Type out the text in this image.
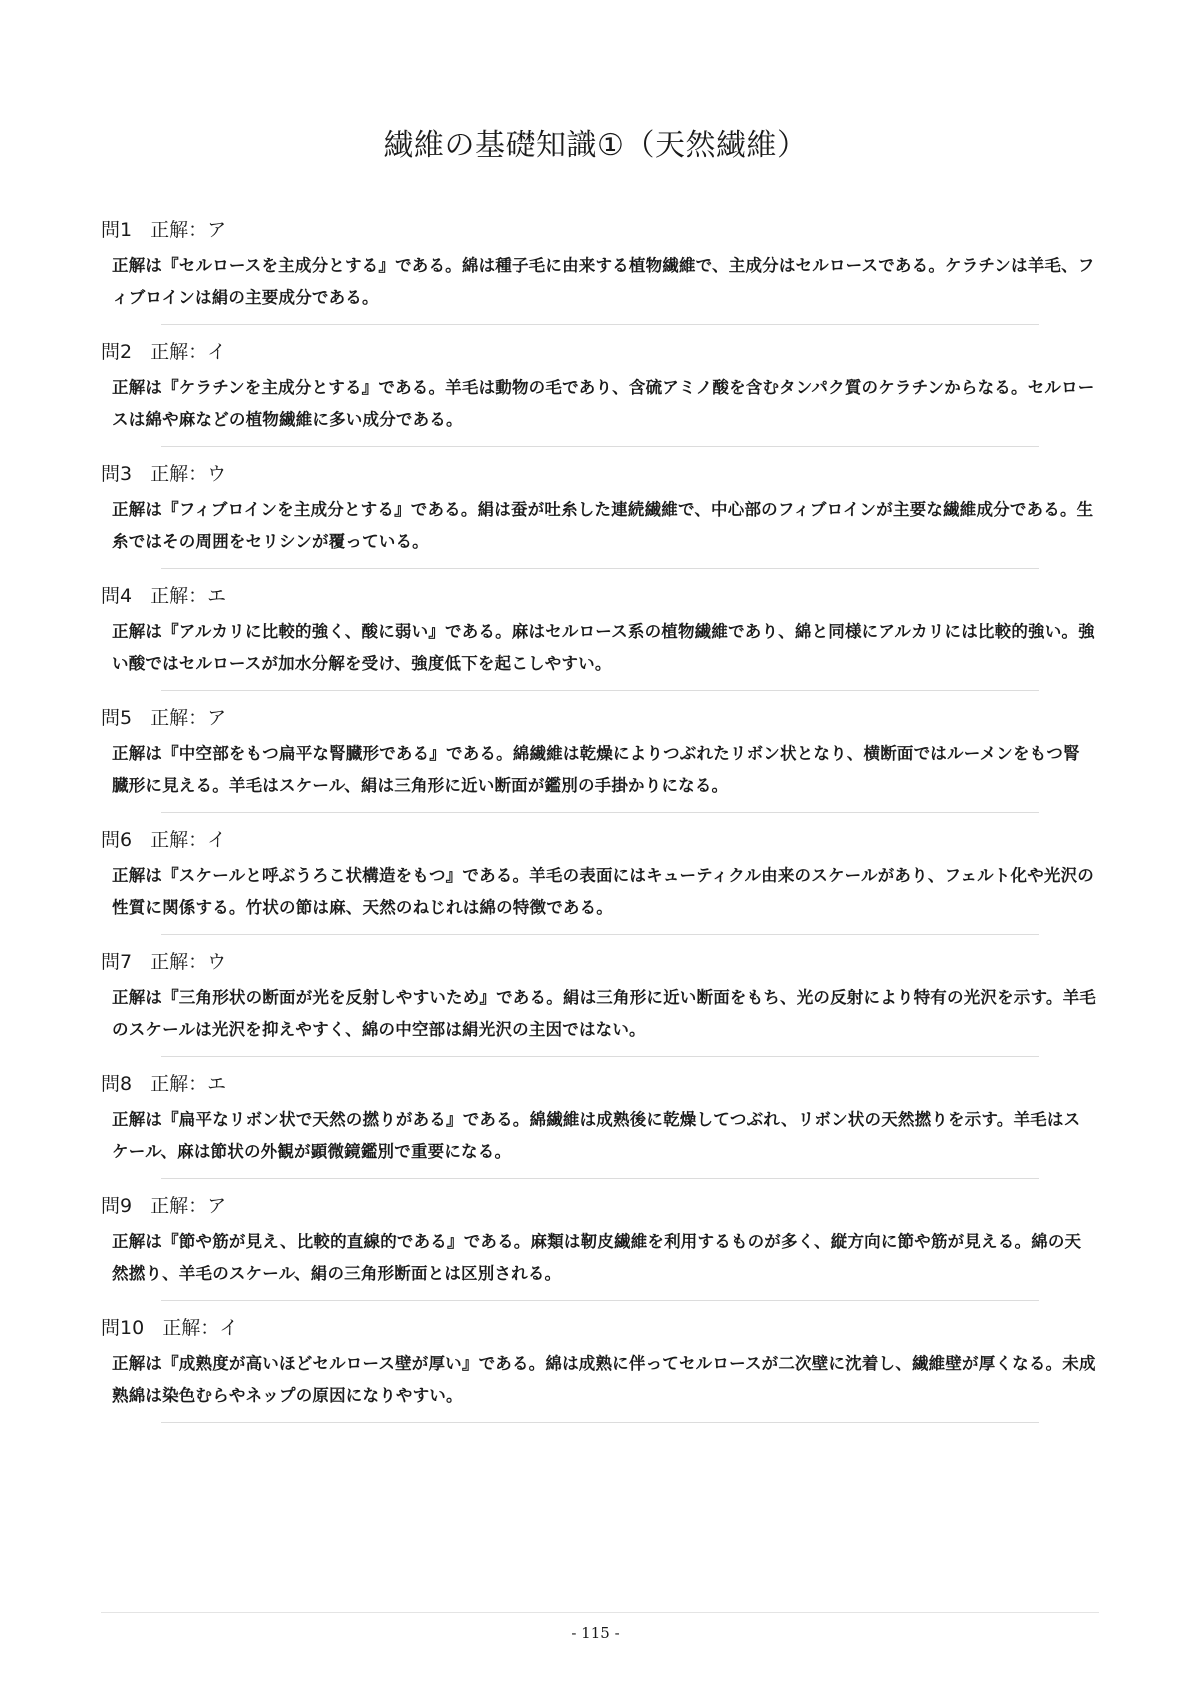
繊維の基礎知識①（天然繊維）

問1 正解：ア

正解は『セルロースを主成分とする』である。綿は種子毛に由来する植物繊維で、主成分はセルロースである。ケラチンは羊毛、フィブロインは絹の主要成分である。

問2 正解：イ

正解は『ケラチンを主成分とする』である。羊毛は動物の毛であり、含硫アミノ酸を含むタンパク質のケラチンからなる。セルロースは綿や麻などの植物繊維に多い成分である。

問3 正解：ウ

正解は『フィブロインを主成分とする』である。絹は蚕が吐糸した連続繊維で、中心部のフィブロインが主要な繊維成分である。生糸ではその周囲をセリシンが覆っている。

問4 正解：エ

正解は『アルカリに比較的強く、酸に弱い』である。麻はセルロース系の植物繊維であり、綿と同様にアルカリには比較的強い。強い酸ではセルロースが加水分解を受け、強度低下を起こしやすい。

問5 正解：ア

正解は『中空部をもつ扁平な腎臓形である』である。綿繊維は乾燥によりつぶれたリボン状となり、横断面ではルーメンをもつ腎臓形に見える。羊毛はスケール、絹は三角形に近い断面が鑑別の手掛かりになる。

問6 正解：イ

正解は『スケールと呼ぶうろこ状構造をもつ』である。羊毛の表面にはキューティクル由来のスケールがあり、フェルト化や光沢の性質に関係する。竹状の節は麻、天然のねじれは綿の特徴である。

問7 正解：ウ

正解は『三角形状の断面が光を反射しやすいため』である。絹は三角形に近い断面をもち、光の反射により特有の光沢を示す。羊毛のスケールは光沢を抑えやすく、綿の中空部は絹光沢の主因ではない。

問8 正解：エ

正解は『扁平なリボン状で天然の撚りがある』である。綿繊維は成熟後に乾燥してつぶれ、リボン状の天然撚りを示す。羊毛はスケール、麻は節状の外観が顕微鏡鑑別で重要になる。

問9 正解：ア

正解は『節や筋が見え、比較的直線的である』である。麻類は靭皮繊維を利用するものが多く、縦方向に節や筋が見える。綿の天然撚り、羊毛のスケール、絹の三角形断面とは区別される。

問10 正解：イ

正解は『成熟度が高いほどセルロース壁が厚い』である。綿は成熟に伴ってセルロースが二次壁に沈着し、繊維壁が厚くなる。未成熟綿は染色むらやネップの原因になりやすい。

- 115 -
